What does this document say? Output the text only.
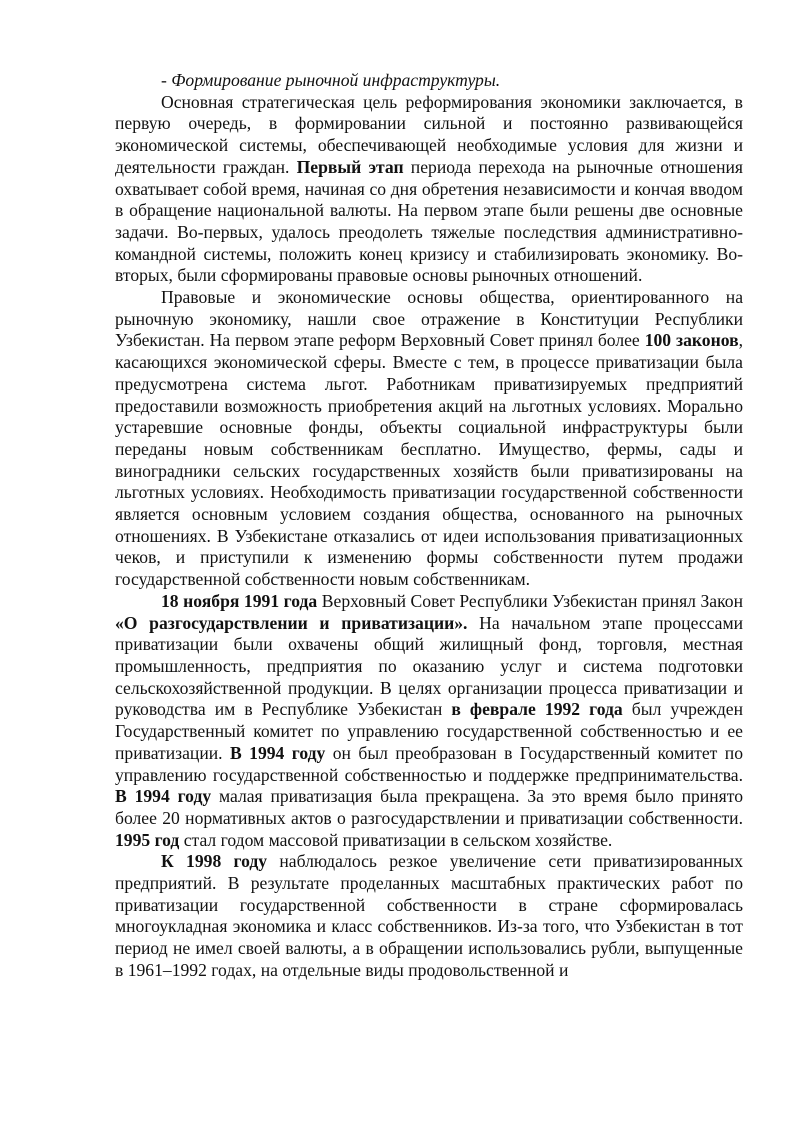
- Формирование рыночной инфраструктуры.

Основная стратегическая цель реформирования экономики заключается, в первую очередь, в формировании сильной и постоянно развивающейся экономической системы, обеспечивающей необходимые условия для жизни и деятельности граждан. Первый этап периода перехода на рыночные отношения охватывает собой время, начиная со дня обретения независимости и кончая вводом в обращение национальной валюты. На первом этапе были решены две основные задачи. Во-первых, удалось преодолеть тяжелые последствия административно-командной системы, положить конец кризису и стабилизировать экономику. Во-вторых, были сформированы правовые основы рыночных отношений.

Правовые и экономические основы общества, ориентированного на рыночную экономику, нашли свое отражение в Конституции Республики Узбекистан. На первом этапе реформ Верховный Совет принял более 100 законов, касающихся экономической сферы. Вместе с тем, в процессе приватизации была предусмотрена система льгот. Работникам приватизируемых предприятий предоставили возможность приобретения акций на льготных условиях. Морально устаревшие основные фонды, объекты социальной инфраструктуры были переданы новым собственникам бесплатно. Имущество, фермы, сады и виноградники сельских государственных хозяйств были приватизированы на льготных условиях. Необходимость приватизации государственной собственности является основным условием создания общества, основанного на рыночных отношениях. В Узбекистане отказались от идеи использования приватизационных чеков, и приступили к изменению формы собственности путем продажи государственной собственности новым собственникам.

18 ноября 1991 года Верховный Совет Республики Узбекистан принял Закон «О разгосударствлении и приватизации». На начальном этапе процессами приватизации были охвачены общий жилищный фонд, торговля, местная промышленность, предприятия по оказанию услуг и система подготовки сельскохозяйственной продукции. В целях организации процесса приватизации и руководства им в Республике Узбекистан в феврале 1992 года был учрежден Государственный комитет по управлению государственной собственностью и ее приватизации. В 1994 году он был преобразован в Государственный комитет по управлению государственной собственностью и поддержке предпринимательства. В 1994 году малая приватизация была прекращена. За это время было принято более 20 нормативных актов о разгосударствлении и приватизации собственности. 1995 год стал годом массовой приватизации в сельском хозяйстве.

К 1998 году наблюдалось резкое увеличение сети приватизированных предприятий. В результате проделанных масштабных практических работ по приватизации государственной собственности в стране сформировалась многоукладная экономика и класс собственников. Из-за того, что Узбекистан в тот период не имел своей валюты, а в обращении использовались рубли, выпущенные в 1961–1992 годах, на отдельные виды продовольственной и
